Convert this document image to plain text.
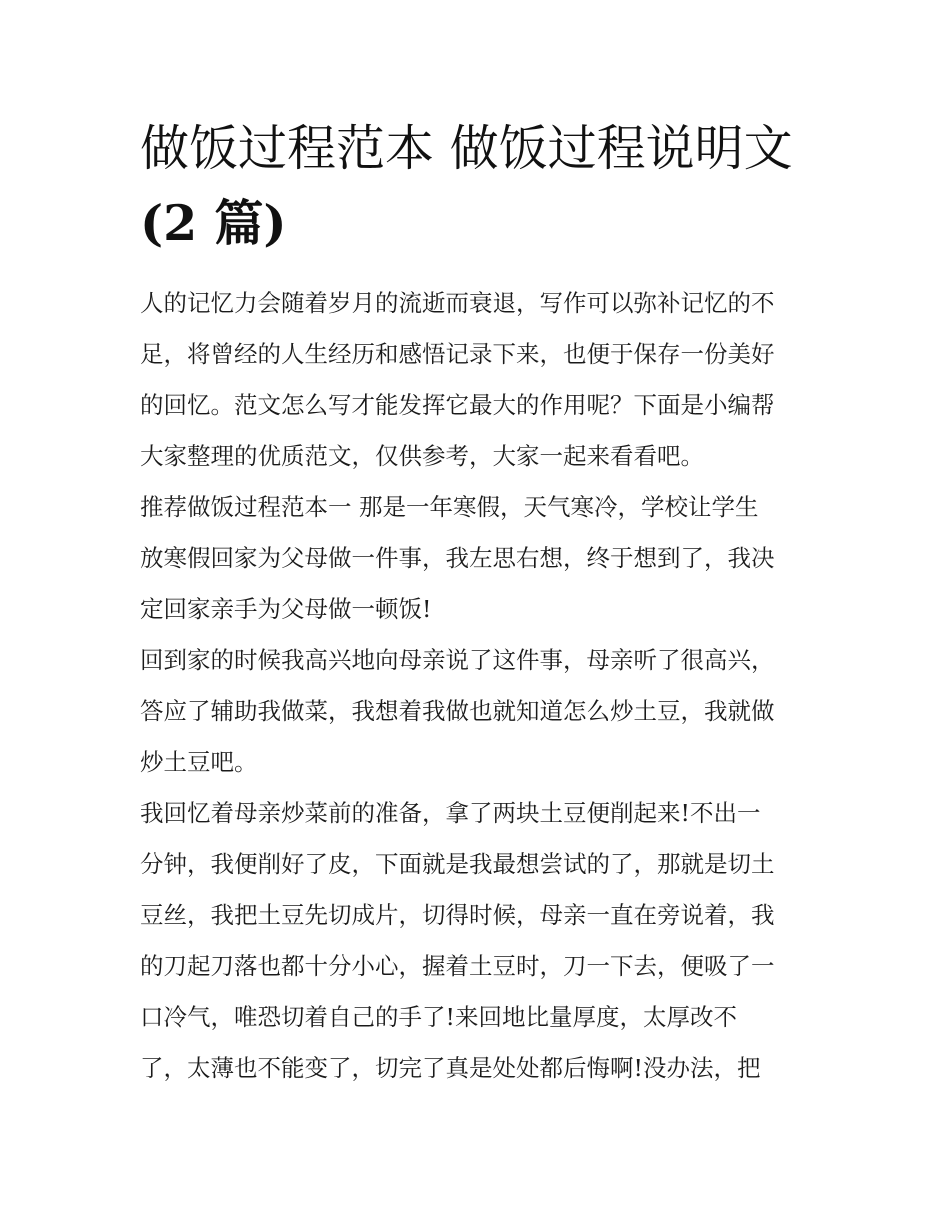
做饭过程范本 做饭过程说明文
(2 篇)
人的记忆力会随着岁月的流逝而衰退，写作可以弥补记忆的不
足，将曾经的人生经历和感悟记录下来，也便于保存一份美好
的回忆。范文怎么写才能发挥它最大的作用呢？下面是小编帮
大家整理的优质范文，仅供参考，大家一起来看看吧。
推荐做饭过程范本一 那是一年寒假，天气寒冷，学校让学生
放寒假回家为父母做一件事，我左思右想，终于想到了，我决
定回家亲手为父母做一顿饭!
回到家的时候我高兴地向母亲说了这件事，母亲听了很高兴，
答应了辅助我做菜，我想着我做也就知道怎么炒土豆，我就做
炒土豆吧。
我回忆着母亲炒菜前的准备，拿了两块土豆便削起来!不出一
分钟，我便削好了皮，下面就是我最想尝试的了，那就是切土
豆丝，我把土豆先切成片，切得时候，母亲一直在旁说着，我
的刀起刀落也都十分小心，握着土豆时，刀一下去，便吸了一
口冷气，唯恐切着自己的手了!来回地比量厚度，太厚改不
了，太薄也不能变了，切完了真是处处都后悔啊!没办法，把
